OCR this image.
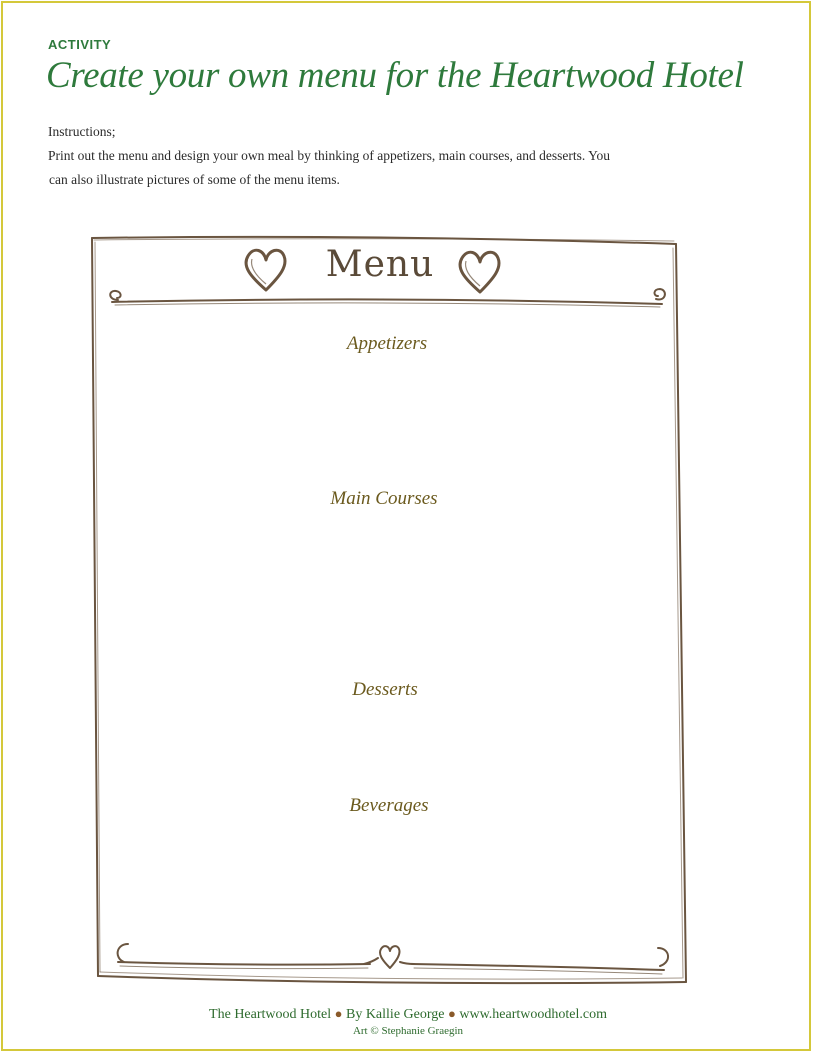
ACTIVITY
Create your own menu for the Heartwood Hotel
Instructions;
Print out the menu and design your own meal by thinking of appetizers, main courses, and desserts. You
can also illustrate pictures of some of the menu items.
Menu
Appetizers
Main Courses
Desserts
Beverages
The Heartwood Hotel ● By Kallie George ● www.heartwoodhotel.com
Art © Stephanie Graegin
